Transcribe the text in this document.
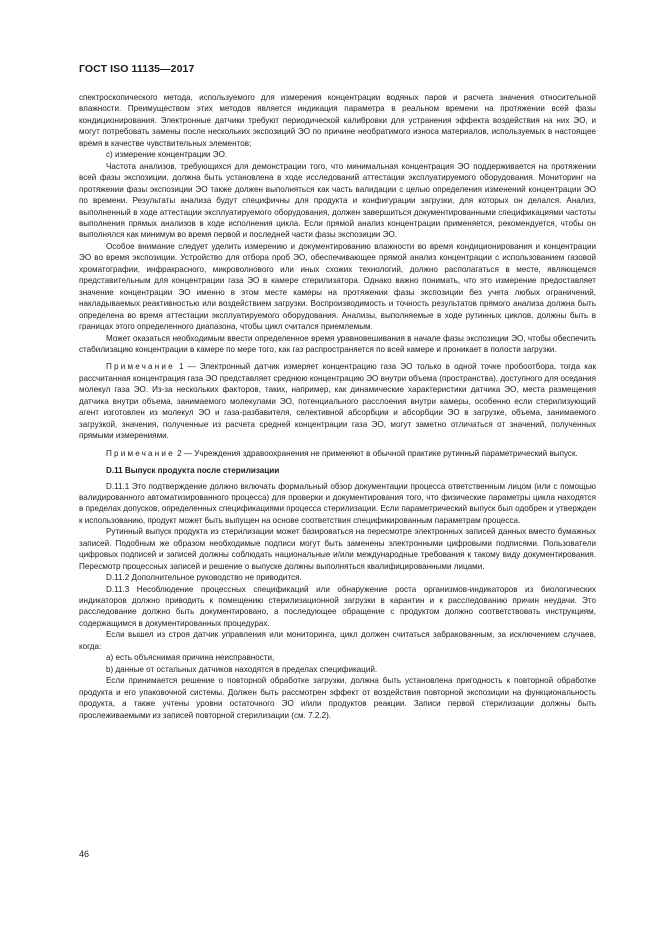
ГОСТ ISO 11135—2017

спектроскопического метода, используемого для измерения концентрации водяных паров и расчета значения относительной влажности. Преимуществом этих методов является индикация параметра в реальном времени на протяжении всей фазы кондиционирования. Электронные датчики требуют периодической калибровки для устранения эффекта воздействия на них ЭО, и могут потребовать замены после нескольких экспозиций ЭО по причине необратимого износа материалов, используемых в настоящее время в качестве чувствительных элементов;

с) измерение концентрации ЭО.

Частота анализов, требующихся для демонстрации того, что минимальная концентрация ЭО поддерживается на протяжении всей фазы экспозиции, должна быть установлена в ходе исследований аттестации эксплуатируемого оборудования. Мониторинг на протяжении фазы экспозиции ЭО также должен выполняться как часть валидации с целью определения изменений концентрации ЭО по времени. Результаты анализа будут специфичны для продукта и конфигурации загрузки, для которых он делался. Анализ, выполненный в ходе аттестации эксплуатируемого оборудования, должен завершиться документированными спецификациями частоты выполнения прямых анализов в ходе исполнения цикла. Если прямой анализ концентрации применяется, рекомендуется, чтобы он выполнялся как минимум во время первой и последней части фазы экспозиции ЭО.

Особое внимание следует уделить измерению и документированию влажности во время кондиционирования и концентрации ЭО во время экспозиции. Устройство для отбора проб ЭО, обеспечивающее прямой анализ концентрации с использованием газовой хроматографии, инфракрасного, микроволнового или иных схожих технологий, должно располагаться в месте, являющемся представительным для концентрации газа ЭО в камере стерилизатора. Однако важно понимать, что это измерение предоставляет значение концентрации ЭО именно в этом месте камеры на протяжении фазы экспозиции без учета любых ограничений, накладываемых реактивностью или воздействием загрузки. Воспроизводимость и точность результатов прямого анализа должна быть определена во время аттестации эксплуатируемого оборудования. Анализы, выполняемые в ходе рутинных циклов, должны быть в границах этого определенного диапазона, чтобы цикл считался приемлемым.

Может оказаться необходимым ввести определенное время уравновешивания в начале фазы экспозиции ЭО, чтобы обеспечить стабилизацию концентрации в камере по мере того, как газ распространяется по всей камере и проникает в полости загрузки.

Примечание 1 — Электронный датчик измеряет концентрацию газа ЭО только в одной точке пробоотбора, тогда как рассчитанная концентрация газа ЭО представляет среднюю концентрацию ЭО внутри объема (пространства), доступного для оседания молекул газа ЭО. Из-за нескольких факторов, таких, например, как динамические характеристики датчика ЭО, места размещения датчика внутри объема, занимаемого молекулами ЭО, потенциального расслоения внутри камеры, особенно если стерилизующий агент изготовлен из молекул ЭО и газа-разбавителя, селективной абсорбции и абсорбции ЭО в загрузке, объема, занимаемого загрузкой, значения, полученные из расчета средней концентрации газа ЭО, могут заметно отличаться от значений, полученных прямыми измерениями.

Примечание 2 — Учреждения здравоохранения не применяют в обычной практике рутинный параметрический выпуск.

D.11 Выпуск продукта после стерилизации

D.11.1 Это подтверждение должно включать формальный обзор документации процесса ответственным лицом (или с помощью валидированного автоматизированного процесса) для проверки и документирования того, что физические параметры цикла находятся в пределах допусков, определенных спецификациями процесса стерилизации. Если параметрический выпуск был одобрен и утвержден к использованию, продукт может быть выпущен на основе соответствия спецификированным параметрам процесса.

Рутинный выпуск продукта из стерилизации может базироваться на пересмотре электронных записей данных вместо бумажных записей. Подобным же образом необходимые подписи могут быть заменены электронными цифровыми подписями. Пользователи цифровых подписей и записей должны соблюдать национальные и/или международные требования к такому виду документирования. Пересмотр процессных записей и решение о выпуске должны выполняться квалифицированными лицами.

D.11.2 Дополнительное руководство не приводится.

D.11.3 Несоблюдение процессных спецификаций или обнаружение роста организмов-индикаторов из биологических индикаторов должно приводить к помещению стерилизационной загрузки в карантин и к расследованию причин неудачи. Это расследование должно быть документировано, а последующее обращение с продуктом должно соответствовать инструкциям, содержащимся в документированных процедурах.

Если вышел из строя датчик управления или мониторинга, цикл должен считаться забракованным, за исключением случаев, когда:

а) есть объяснимая причина неисправности,

b) данные от остальных датчиков находятся в пределах спецификаций.

Если принимается решение о повторной обработке загрузки, должна быть установлена пригодность к повторной обработке продукта и его упаковочной системы. Должен быть рассмотрен эффект от воздействия повторной экспозиции на функциональность продукта, а также учтены уровни остаточного ЭО и/или продуктов реакции. Записи первой стерилизации должны быть прослеживаемыми из записей повторной стерилизации (см. 7.2.2).

46
